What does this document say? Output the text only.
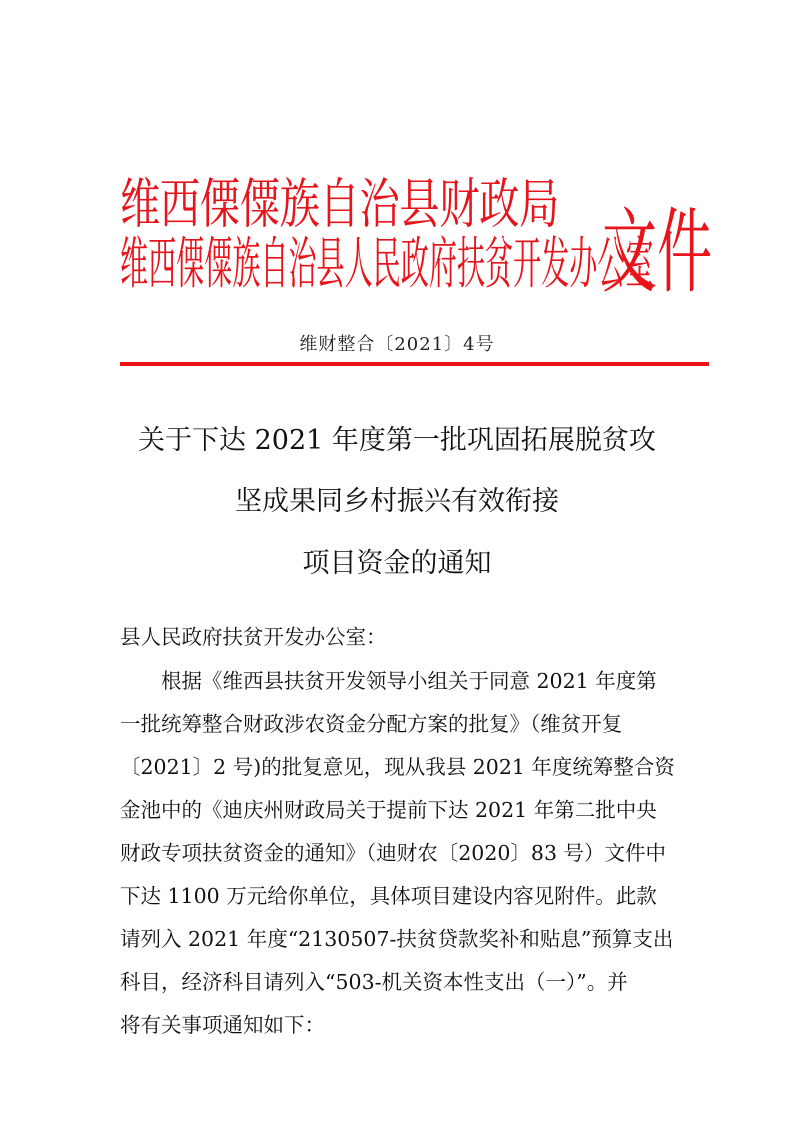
维西傈僳族自治县财政局
维西傈僳族自治县人民政府扶贫开发办公室
文件
维财整合〔2021〕4号
关于下达 2021 年度第一批巩固拓展脱贫攻
坚成果同乡村振兴有效衔接
项目资金的通知
县人民政府扶贫开发办公室：
　　根据《维西县扶贫开发领导小组关于同意 2021 年度第
一批统筹整合财政涉农资金分配方案的批复》（维贫开复
〔2021〕2 号)的批复意见，现从我县 2021 年度统筹整合资
金池中的《迪庆州财政局关于提前下达 2021 年第二批中央
财政专项扶贫资金的通知》（迪财农〔2020〕83 号）文件中
下达 1100 万元给你单位，具体项目建设内容见附件。此款
请列入 2021 年度“2130507-扶贫贷款奖补和贴息”预算支出
科目，经济科目请列入“503-机关资本性支出（一）”。并
将有关事项通知如下：
